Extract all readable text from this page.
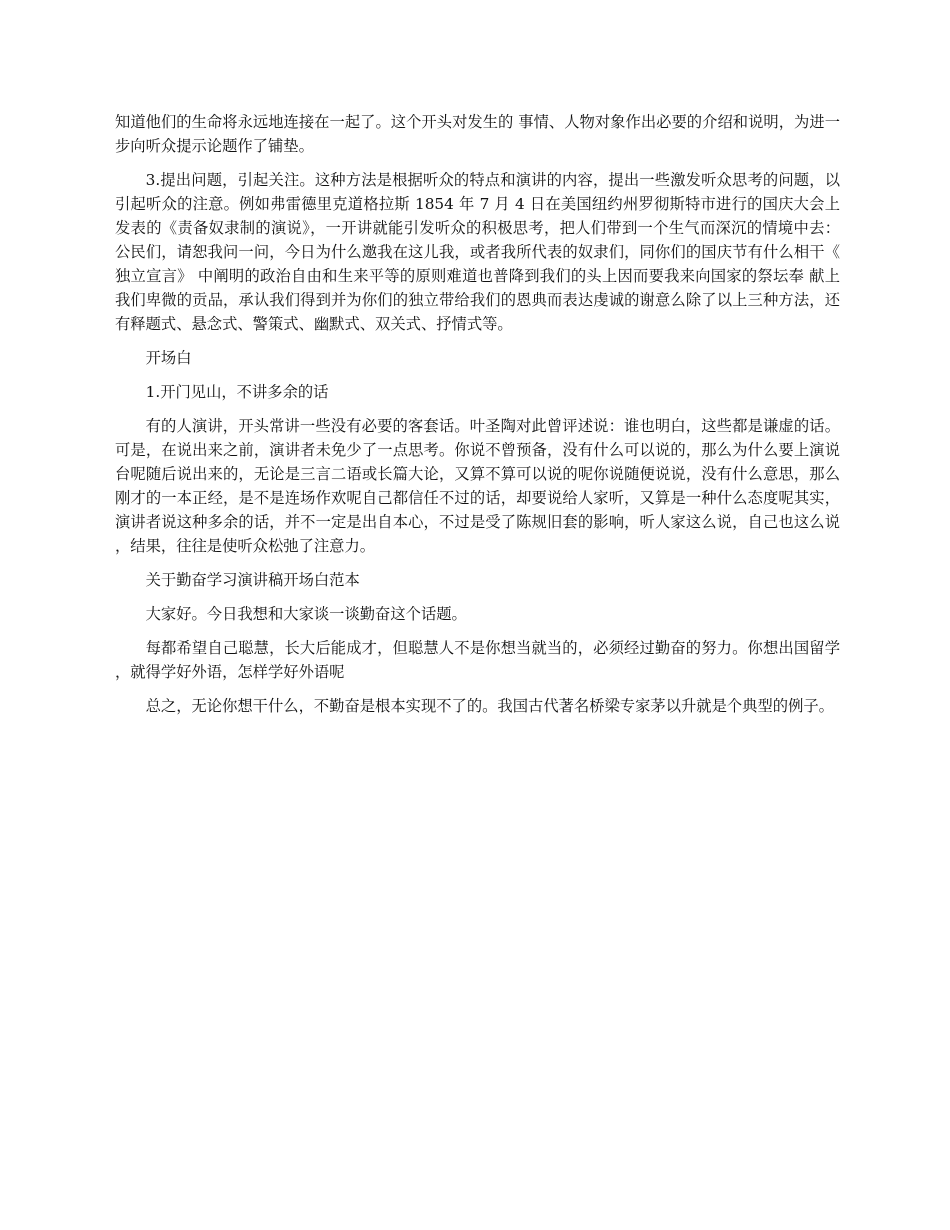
知道他们的生命将永远地连接在一起了。这个开头对发生的 事情、人物对象作出必要的介绍和说明，为进一步向听众提示论题作了铺垫。

3.提出问题，引起关注。这种方法是根据听众的特点和演讲的内容，提出一些激发听众思考的问题，以引起听众的注意。例如弗雷德里克道格拉斯 1854 年 7 月 4 日在美国纽约州罗彻斯特市进行的国庆大会上发表的《责备奴隶制的演说》，一开讲就能引发听众的积极思考，把人们带到一个生气而深沉的情境中去：公民们，请恕我问一问，今日为什么邀我在这儿我，或者我所代表的奴隶们，同你们的国庆节有什么相干《独立宣言》 中阐明的政治自由和生来平等的原则难道也普降到我们的头上因而要我来向国家的祭坛奉 献上我们卑微的贡品，承认我们得到并为你们的独立带给我们的恩典而表达虔诚的谢意么除了以上三种方法，还有释题式、悬念式、警策式、幽默式、双关式、抒情式等。

开场白

1.开门见山，不讲多余的话

有的人演讲，开头常讲一些没有必要的客套话。叶圣陶对此曾评述说：谁也明白，这些都是谦虚的话。可是，在说出来之前，演讲者未免少了一点思考。你说不曾预备，没有什么可以说的，那么为什么要上演说台呢随后说出来的，无论是三言二语或长篇大论，又算不算可以说的呢你说随便说说，没有什么意思，那么刚才的一本正经，是不是连场作欢呢自己都信任不过的话，却要说给人家听，又算是一种什么态度呢其实，演讲者说这种多余的话，并不一定是出自本心，不过是受了陈规旧套的影响，听人家这么说，自己也这么说，结果，往往是使听众松弛了注意力。

关于勤奋学习演讲稿开场白范本

大家好。今日我想和大家谈一谈勤奋这个话题。

每都希望自己聪慧，长大后能成才，但聪慧人不是你想当就当的，必须经过勤奋的努力。你想出国留学，就得学好外语，怎样学好外语呢

总之，无论你想干什么，不勤奋是根本实现不了的。我国古代著名桥梁专家茅以升就是个典型的例子。
